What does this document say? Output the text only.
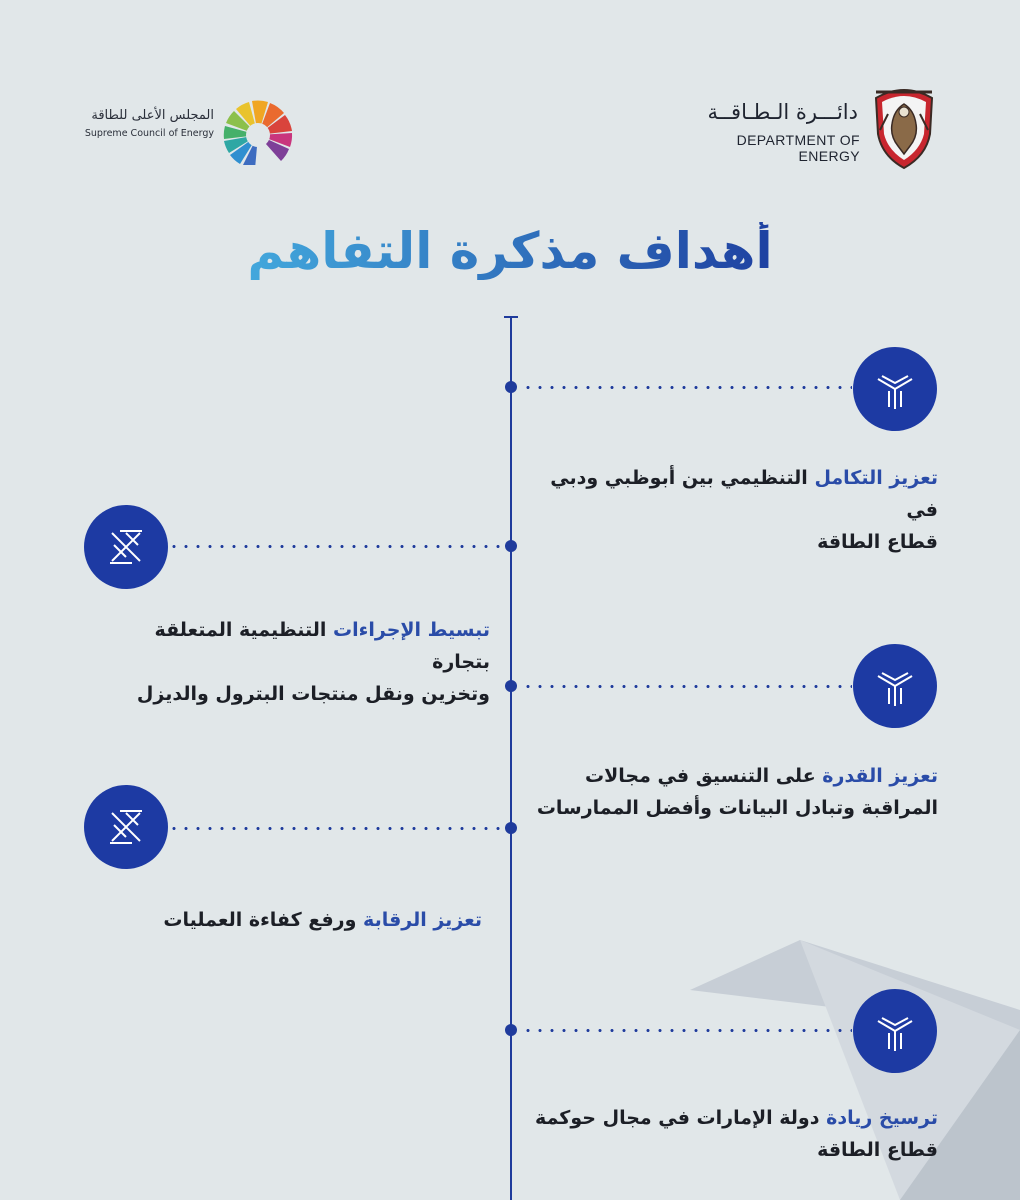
المجلس الأعلى للطاقة
Supreme Council of Energy
دائـــرة الـطـاقــة
DEPARTMENT OF ENERGY
أهداف مذكرة التفاهم
تعزيز التكامل التنظيمي بين أبوظبي ودبي في
قطاع الطاقة
تبسيط الإجراءات التنظيمية المتعلقة بتجارة
وتخزين ونقل منتجات البترول والديزل
تعزيز القدرة على التنسيق في مجالات
المراقبة وتبادل البيانات وأفضل الممارسات
تعزيز الرقابة ورفع كفاءة العمليات
ترسيخ ريادة دولة الإمارات في مجال حوكمة
قطاع الطاقة
